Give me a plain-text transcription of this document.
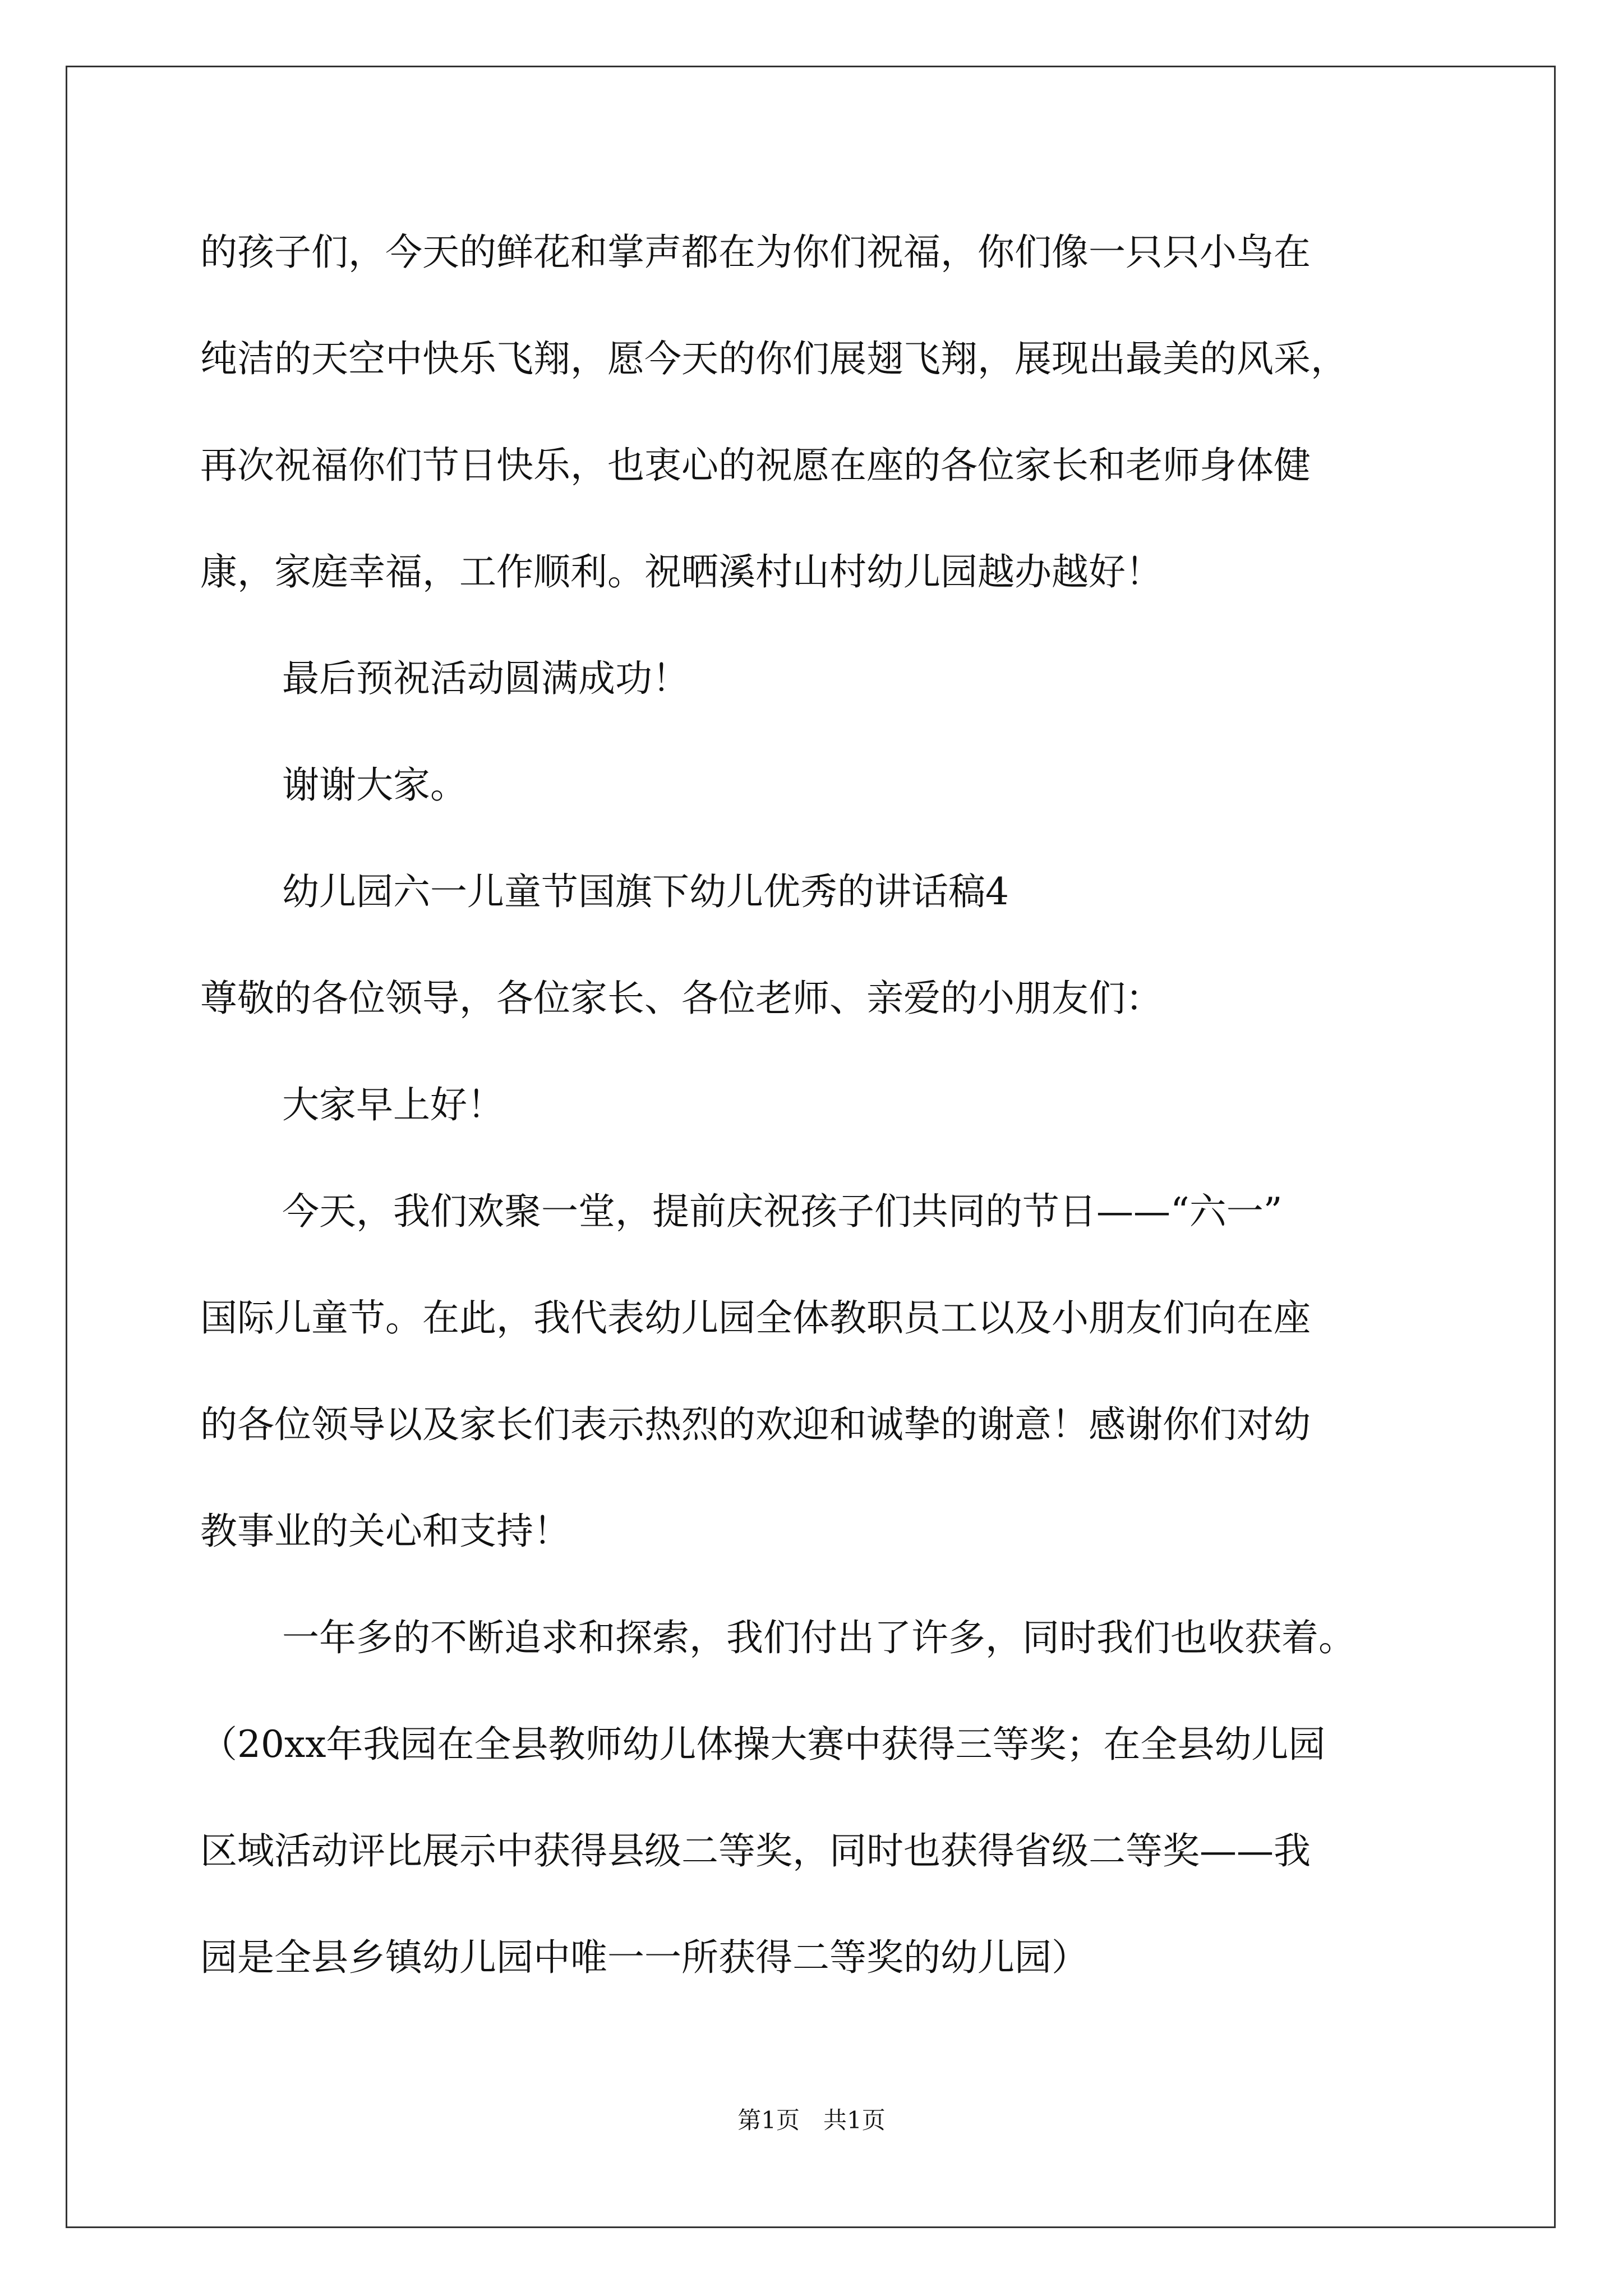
的孩子们，今天的鲜花和掌声都在为你们祝福，你们像一只只小鸟在

纯洁的天空中快乐飞翔，愿今天的你们展翅飞翔，展现出最美的风采，

再次祝福你们节日快乐，也衷心的祝愿在座的各位家长和老师身体健

康，家庭幸福，工作顺利。祝晒溪村山村幼儿园越办越好！

最后预祝活动圆满成功！

谢谢大家。

幼儿园六一儿童节国旗下幼儿优秀的讲话稿4

尊敬的各位领导，各位家长、各位老师、亲爱的小朋友们：

大家早上好！

今天，我们欢聚一堂，提前庆祝孩子们共同的节日——“六一”

国际儿童节。在此，我代表幼儿园全体教职员工以及小朋友们向在座

的各位领导以及家长们表示热烈的欢迎和诚挚的谢意！感谢你们对幼

教事业的关心和支持！

一年多的不断追求和探索，我们付出了许多，同时我们也收获着。

（20xx年我园在全县教师幼儿体操大赛中获得三等奖；在全县幼儿园

区域活动评比展示中获得县级二等奖，同时也获得省级二等奖——我

园是全县乡镇幼儿园中唯一一所获得二等奖的幼儿园）

第1页　共1页
